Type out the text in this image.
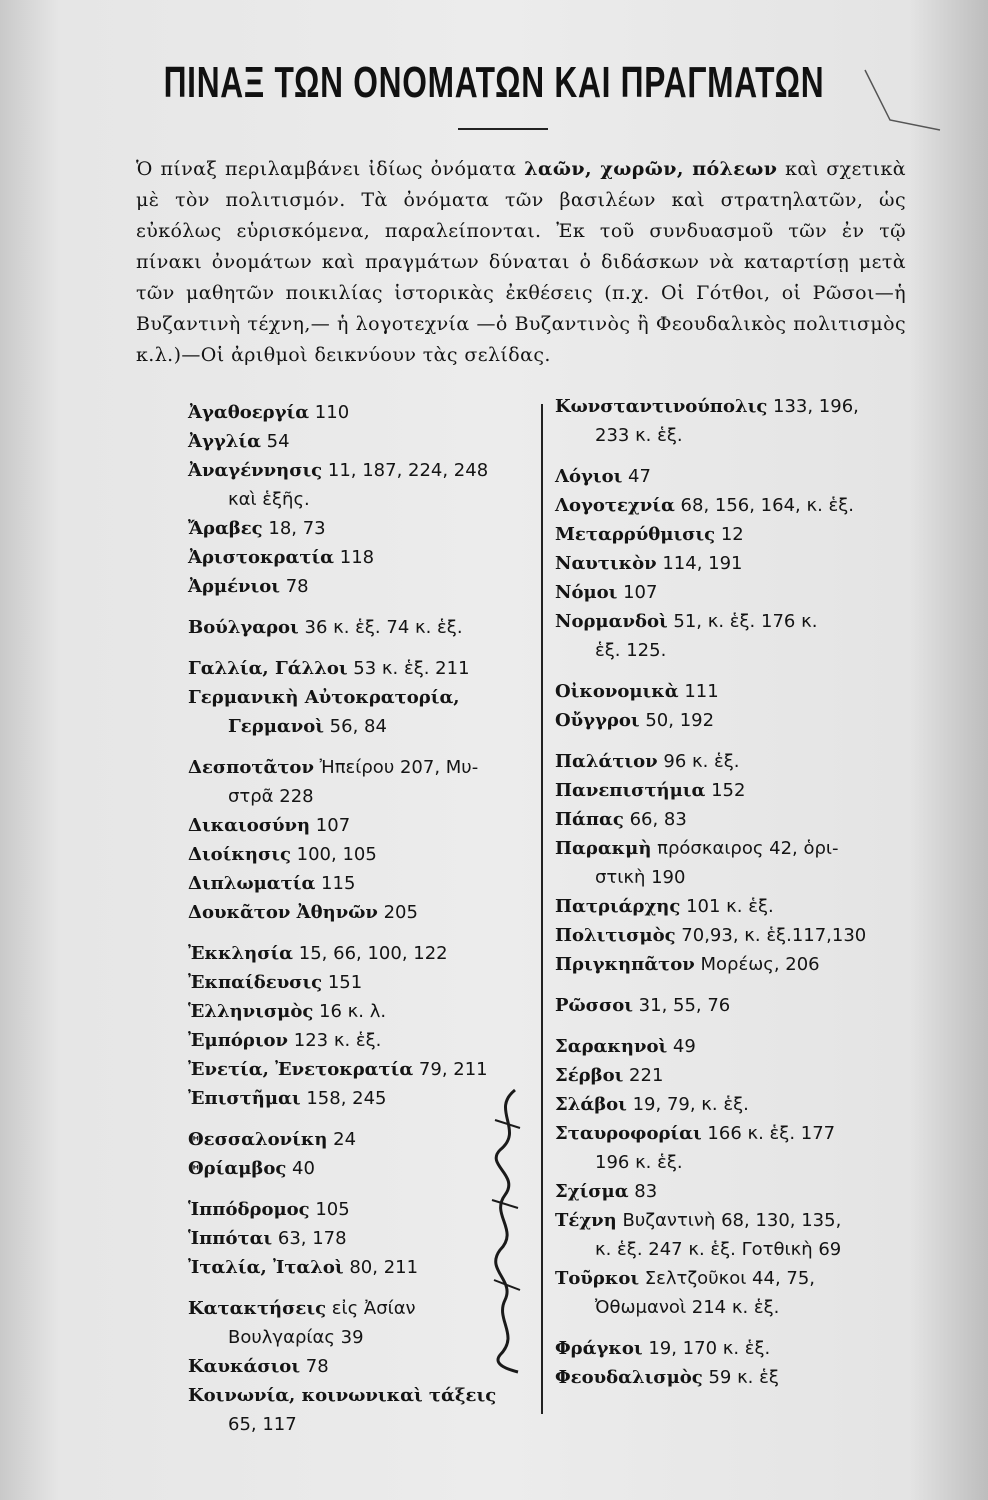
ΠΙΝΑΞ ΤΩΝ ΟΝΟΜΑΤΩΝ ΚΑΙ ΠΡΑΓΜΑΤΩΝ
Ὁ πίναξ περιλαμβάνει ἰδίως ὀνόματα λαῶν, χωρῶν, πόλεων καὶ σχετικὰ μὲ τὸν πολιτισμόν. Τὰ ὀνόματα τῶν βασιλέων καὶ στρατηλατῶν, ὡς εὐκόλως εὑρισκόμενα, παραλείπονται. Ἐκ τοῦ συνδυασμοῦ τῶν ἐν τῷ πίνακι ὀνομάτων καὶ πραγμάτων δύναται ὁ διδάσκων νὰ καταρτίσῃ μετὰ τῶν μαθητῶν ποικιλίας ἱστορικὰς ἐκθέσεις (π.χ. Οἱ Γότθοι, οἱ Ρῶσοι—ἡ Βυζαντινὴ τέχνη,— ἡ λογοτεχνία —ὁ Βυζαντινὸς ἢ Φεουδαλικὸς πολιτισμὸς κ.λ.)—Οἱ ἀριθμοὶ δεικνύουν τὰς σελίδας.
Ἀγαθοεργία 110
Ἀγγλία 54
Ἀναγέννησις 11, 187, 224, 248
καὶ ἑξῆς.
Ἄραβες 18, 73
Ἀριστοκρατία 118
Ἀρμένιοι 78
Βούλγαροι 36 κ. ἑξ. 74 κ. ἑξ.
Γαλλία, Γάλλοι 53 κ. ἑξ. 211
Γερμανικὴ Αὐτοκρατορία,
Γερμανοὶ 56, 84
Δεσποτᾶτον Ἠπείρου 207, Μυ-
στρᾶ 228
Δικαιοσύνη 107
Διοίκησις 100, 105
Διπλωματία 115
Δουκᾶτον Ἀθηνῶν 205
Ἐκκλησία 15, 66, 100, 122
Ἐκπαίδευσις 151
Ἑλληνισμὸς 16 κ. λ.
Ἐμπόριον 123 κ. ἑξ.
Ἐνετία, Ἐνετοκρατία 79, 211
Ἐπιστῆμαι 158, 245
Θεσσαλονίκη 24
Θρίαμβος 40
Ἱππόδρομος 105
Ἱππόται 63, 178
Ἰταλία, Ἰταλοὶ 80, 211
Κατακτήσεις εἰς Ἀσίαν
Βουλγαρίας 39
Καυκάσιοι 78
Κοινωνία, κοινωνικαὶ τάξεις
65, 117
Κωνσταντινούπολις 133, 196,
233 κ. ἑξ.
Λόγιοι 47
Λογοτεχνία 68, 156, 164, κ. ἑξ.
Μεταρρύθμισις 12
Ναυτικὸν 114, 191
Νόμοι 107
Νορμανδοὶ 51, κ. ἑξ. 176 κ.
ἑξ. 125.
Οἰκονομικὰ 111
Οὔγγροι 50, 192
Παλάτιον 96 κ. ἑξ.
Πανεπιστήμια 152
Πάπας 66, 83
Παρακμὴ πρόσκαιρος 42, ὁρι-
στικὴ 190
Πατριάρχης 101 κ. ἑξ.
Πολιτισμὸς 70,93, κ. ἑξ.117,130
Πριγκηπᾶτον Μορέως, 206
Ρῶσσοι 31, 55, 76
Σαρακηνοὶ 49
Σέρβοι 221
Σλάβοι 19, 79, κ. ἑξ.
Σταυροφορίαι 166 κ. ἑξ. 177
196 κ. ἑξ.
Σχίσμα 83
Τέχνη Βυζαντινὴ 68, 130, 135,
κ. ἑξ. 247 κ. ἑξ. Γοτθικὴ 69
Τοῦρκοι Σελτζοῦκοι 44, 75,
Ὀθωμανοὶ 214 κ. ἑξ.
Φράγκοι 19, 170 κ. ἑξ.
Φεουδαλισμὸς 59 κ. ἑξ
